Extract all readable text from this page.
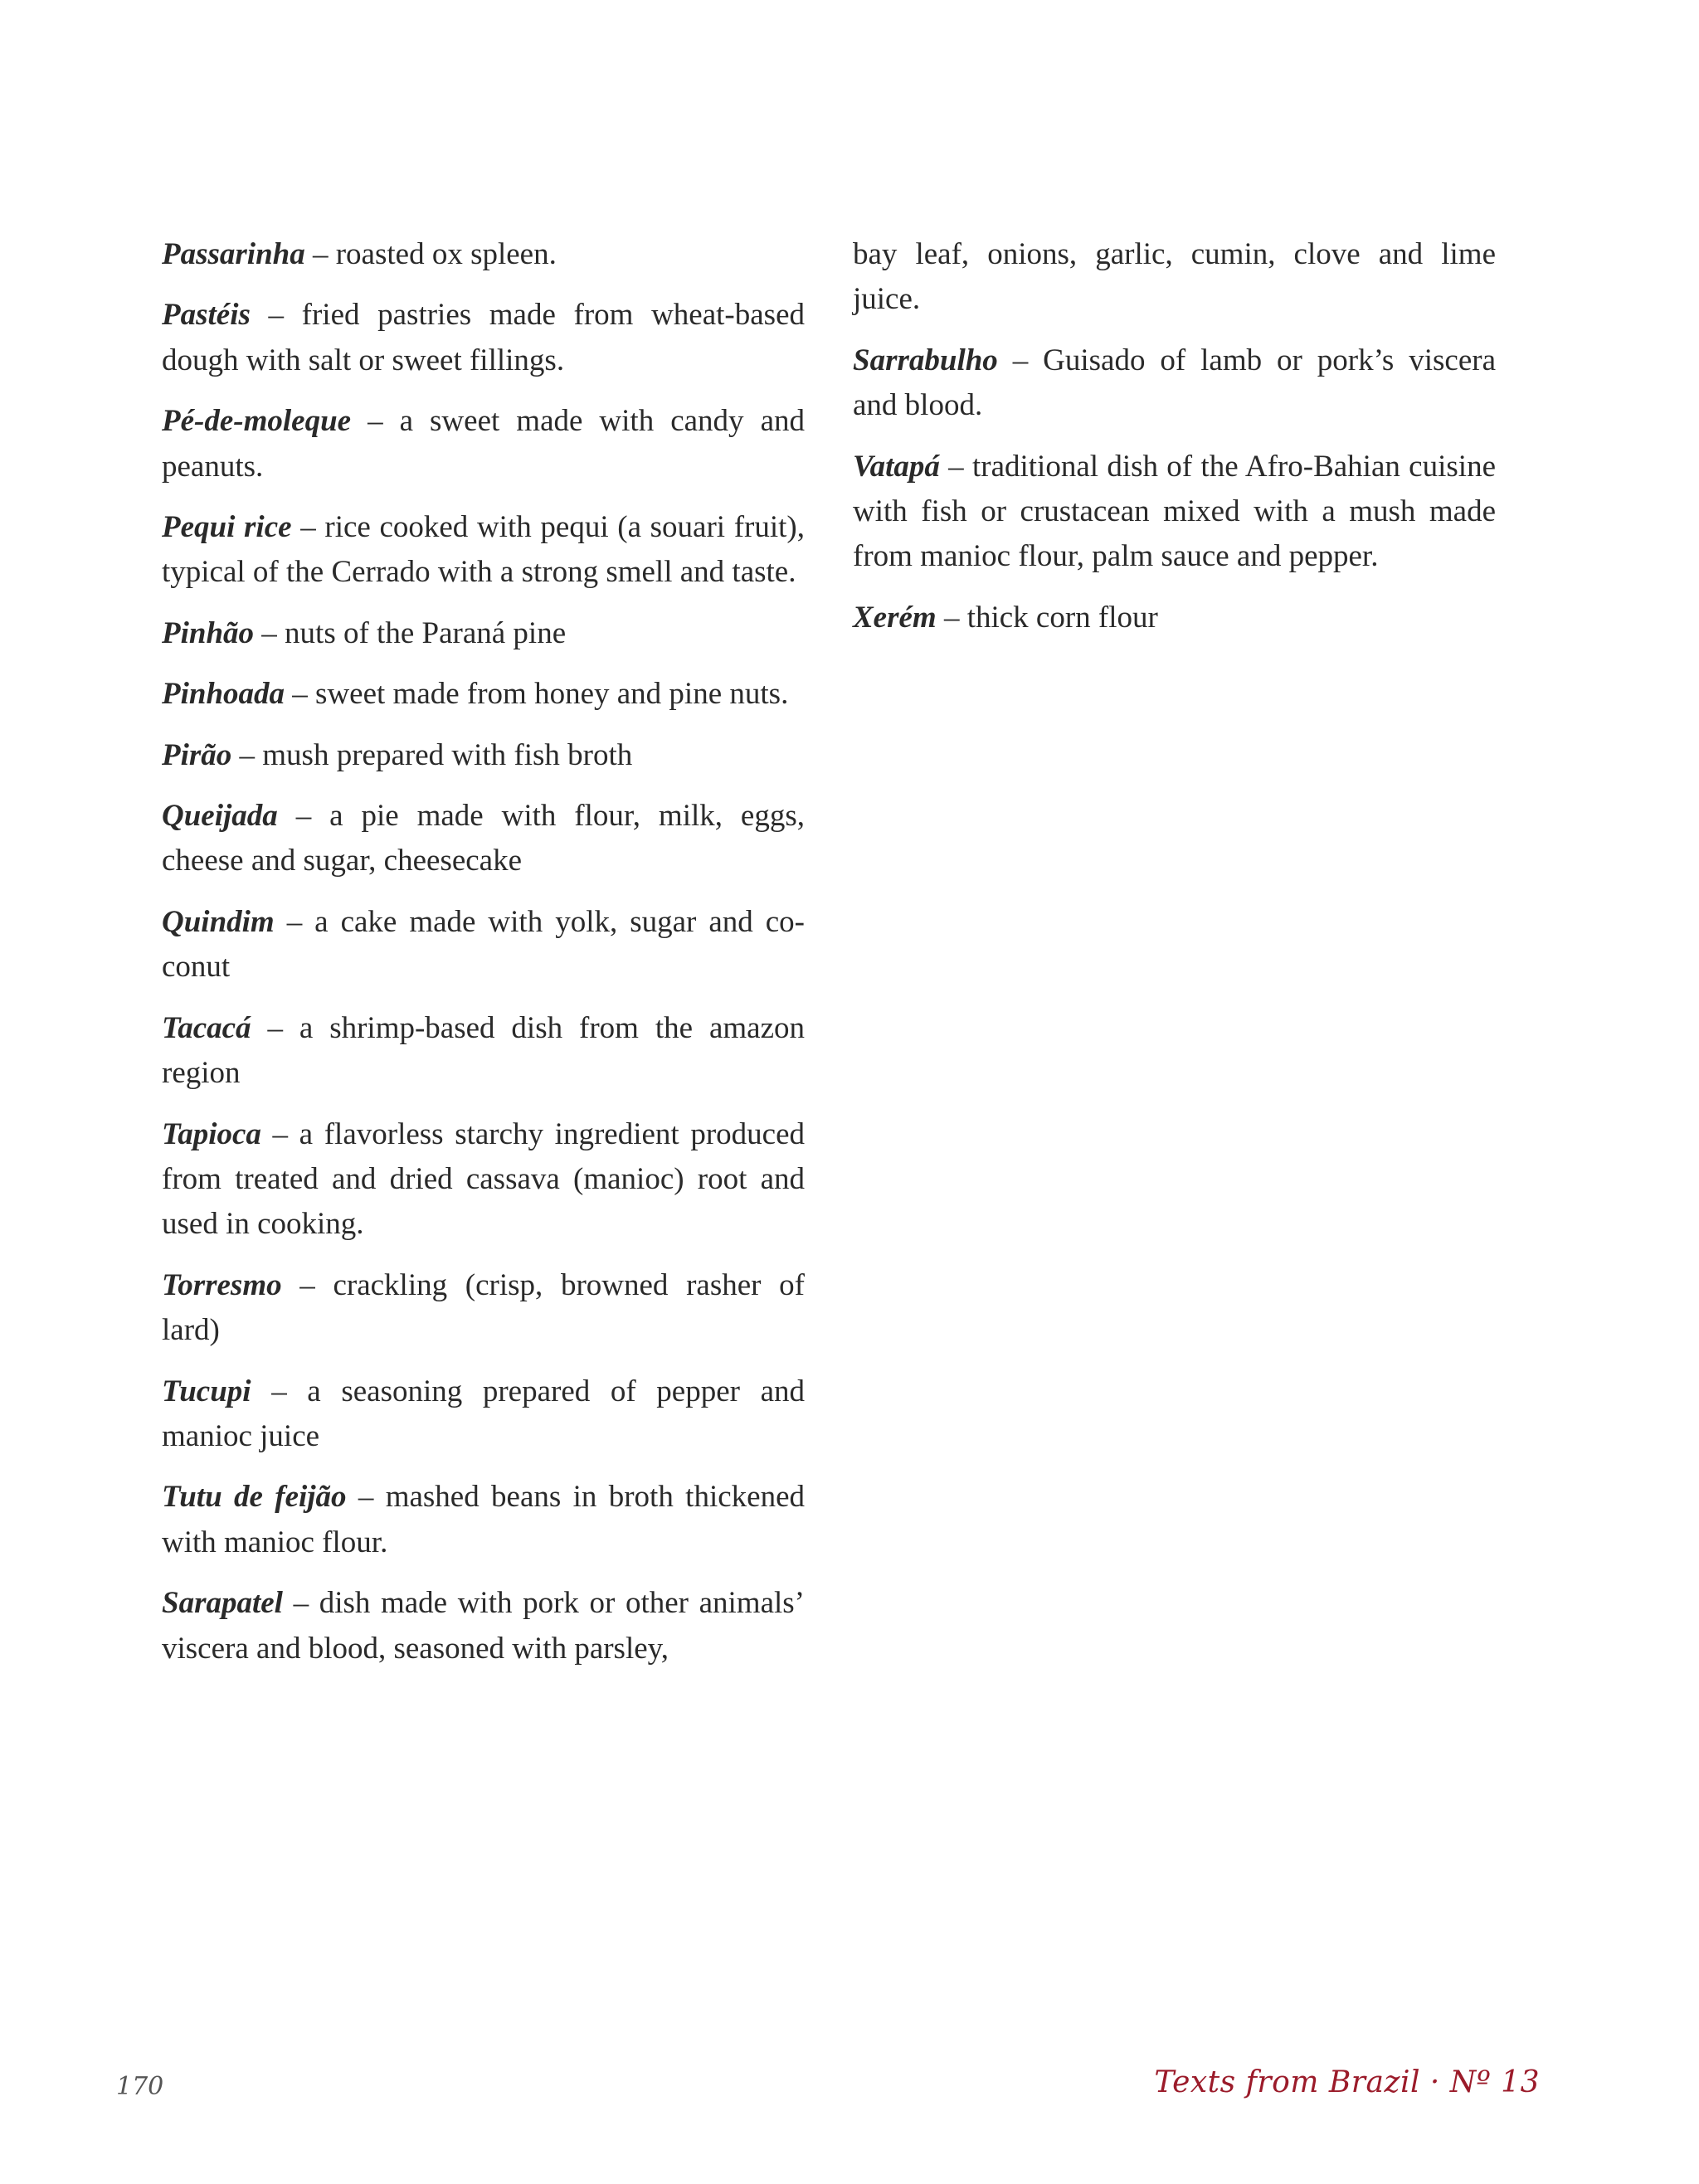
Passarinha – roasted ox spleen.

Pastéis – fried pastries made from wheat-based dough with salt or sweet fillings.

Pé-de-moleque – a sweet made with candy and peanuts.

Pequi rice – rice cooked with pequi (a souari fruit), typical of the Cerrado with a strong smell and taste.

Pinhão – nuts of the Paraná pine

Pinhoada – sweet made from honey and pine nuts.

Pirão – mush prepared with fish broth

Queijada – a pie made with flour, milk, eggs, cheese and sugar, cheesecake

Quindim – a cake made with yolk, sugar and coconut

Tacacá – a shrimp-based dish from the amazon region

Tapioca – a flavorless starchy ingredient produced from treated and dried cassava (manioc) root and used in cooking.

Torresmo – crackling (crisp, browned rasher of lard)

Tucupi – a seasoning prepared of pepper and manioc juice

Tutu de feijão – mashed beans in broth thickened with manioc flour.

Sarapatel – dish made with pork or other animals’ viscera and blood, seasoned with parsley,

bay leaf, onions, garlic, cumin, clove and lime juice.

Sarrabulho – Guisado of lamb or pork’s viscera and blood.

Vatapá – traditional dish of the Afro-Bahian cuisine with fish or crustacean mixed with a mush made from manioc flour, palm sauce and pepper.

Xerém – thick corn flour

170	Texts from Brazil · Nº 13
